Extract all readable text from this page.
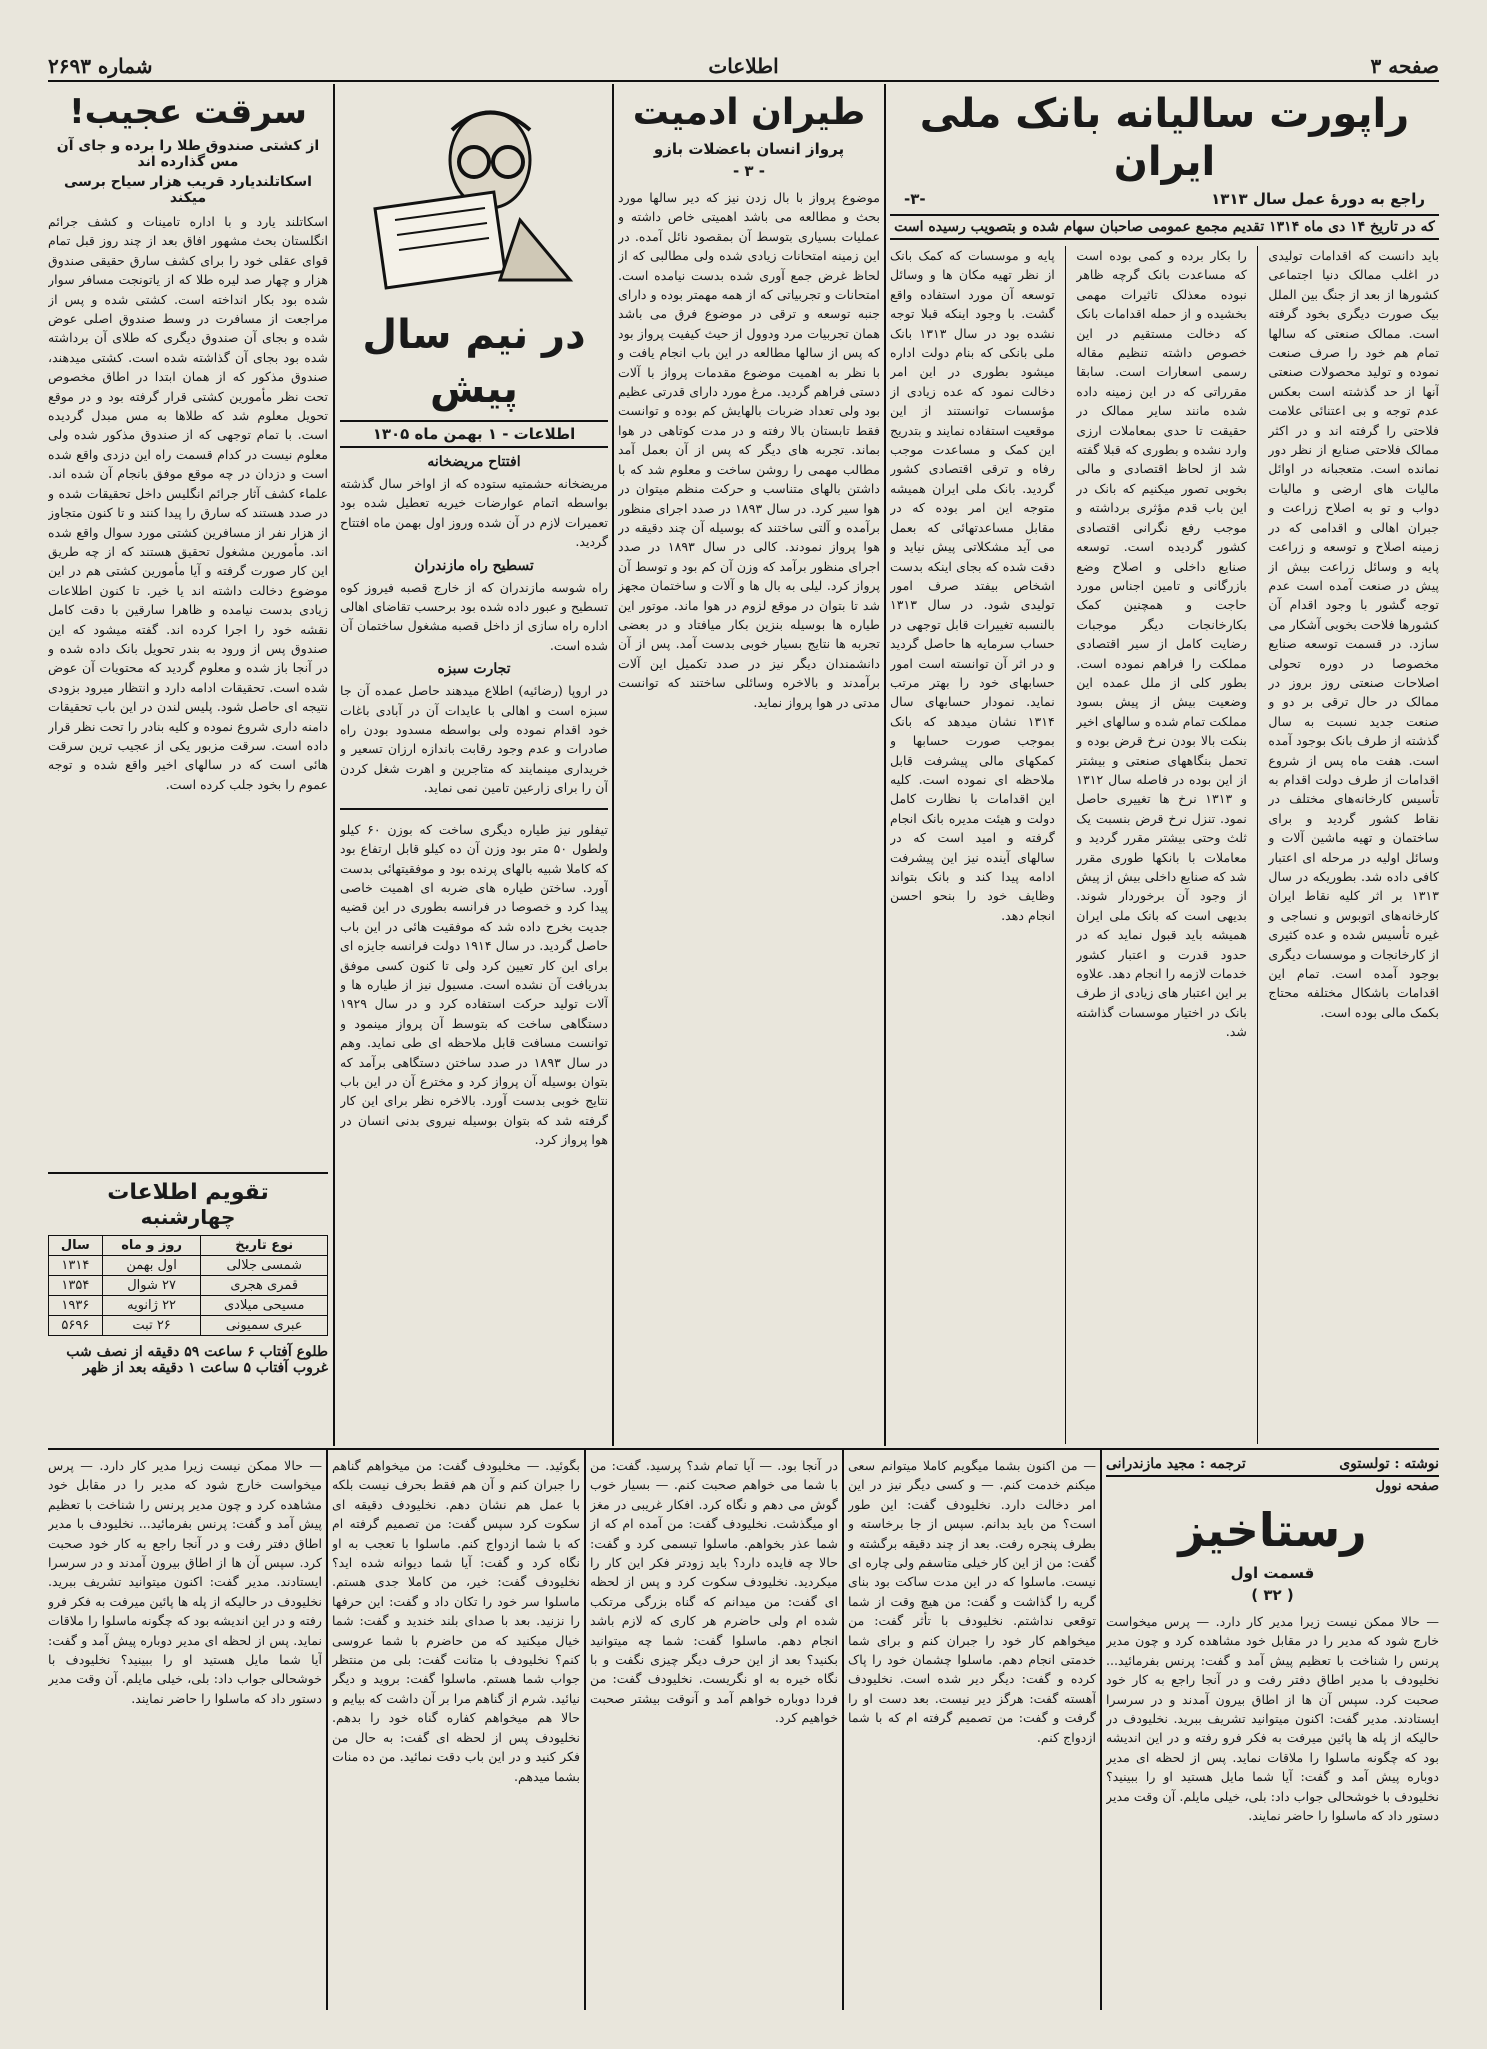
صفحه ۳
اطلاعات
شماره ۲۶۹۳
راپورت سالیانه بانک ملی ایران
راجع به دورهٔ عمل سال ۱۳۱۳
-۳-
که در تاریخ ۱۴ دی ماه ۱۳۱۴ تقدیم مجمع عمومی صاحبان سهام شده و بتصویب رسیده است

باید دانست که اقدامات تولیدی در اغلب ممالک دنیا اجتماعی کشورها از بعد از جنگ بین الملل بیک صورت دیگری بخود گرفته است. ممالک صنعتی که سالها تمام هم خود را صرف صنعت نموده و تولید محصولات صنعتی آنها از حد گذشته است بعکس عدم توجه و بی اعتنائی علامت فلاحتی را گرفته اند و در اکثر ممالک فلاحتی صنایع از نظر دور نمانده است. متعجبانه در اوائل مالیات های ارضی و مالیات دواب و تو به اصلاح زراعت و جبران اهالی و اقدامی که در زمینه اصلاح و توسعه و زراعت پایه و وسائل زراعت بیش از پیش در صنعت آمده است عدم توجه گشور با وجود اقدام آن کشورها فلاحت بخوبی آشکار می سازد. در قسمت توسعه صنایع مخصوصا در دوره تحولی اصلاحات صنعتی روز بروز در ممالک در حال ترقی بر دو و صنعت جدید نسبت به سال گذشته از طرف بانک بوجود آمده است. هفت ماه پس از شروع اقدامات از طرف دولت اقدام به تأسیس کارخانه‌های مختلف در نقاط کشور گردید و برای ساختمان و تهیه ماشین آلات و وسائل اولیه در مرحله ای اعتبار کافی داده شد. بطوریکه در سال ۱۳۱۳ بر اثر کلیه نقاط ایران کارخانه‌های اتوبوس و نساجی و غیره تأسیس شده و عده کثیری از کارخانجات و موسسات دیگری بوجود آمده است. تمام این اقدامات باشکال مختلفه محتاج بکمک مالی بوده است.

را بکار برده و کمی بوده است که مساعدت بانک گرچه ظاهر نبوده معذلک تاثیرات مهمی بخشیده و از حمله اقدامات بانک که دخالت مستقیم در این خصوص داشته تنظیم مقاله رسمی اسعارات است. سابقا مقرراتی که در این زمینه داده شده مانند سایر ممالک در حقیقت تا حدی بمعاملات ارزی وارد نشده و بطوری که قبلا گفته شد از لحاظ اقتصادی و مالی بخوبی تصور میکنیم که بانک در این باب قدم مؤثری برداشته و موجب رفع نگرانی اقتصادی کشور گردیده است. توسعه صنایع داخلی و اصلاح وضع بازرگانی و تامین اجناس مورد حاجت و همچنین کمک بکارخانجات دیگر موجبات رضایت کامل از سیر اقتصادی مملکت را فراهم نموده است. بطور کلی از ملل عمده این وضعیت بیش از پیش بسود مملکت تمام شده و سالهای اخیر بنکت بالا بودن نرخ قرض بوده و تحمل بنگاههای صنعتی و بیشتر از این بوده در فاصله سال ۱۳۱۲ و ۱۳۱۳ نرخ ها تغییری حاصل نمود. تنزل نرخ قرض بنسبت یک ثلث وحتی بیشتر مقرر گردید و معاملات با بانکها طوری مقرر شد که صنایع داخلی بیش از پیش از وجود آن برخوردار شوند. بدیهی است که بانک ملی ایران همیشه باید قبول نماید که در حدود قدرت و اعتبار کشور خدمات لازمه را انجام دهد. علاوه بر این اعتبار های زیادی از طرف بانک در اختیار موسسات گذاشته شد.

پایه و موسسات که کمک بانک از نظر تهیه مکان ها و وسائل توسعه آن مورد استفاده واقع گشت. با وجود اینکه قبلا توجه نشده بود در سال ۱۳۱۳ بانک ملی بانکی که بنام دولت اداره میشود بطوری در این امر دخالت نمود که عده زیادی از مؤسسات توانستند از این موقعیت استفاده نمایند و بتدریج این کمک و مساعدت موجب رفاه و ترقی اقتصادی کشور گردید. بانک ملی ایران همیشه متوجه این امر بوده که در مقابل مساعدتهائی که بعمل می آید مشکلاتی پیش نیاید و دقت شده که بجای اینکه بدست اشخاص بیفتد صرف امور تولیدی شود. در سال ۱۳۱۳ بالنسبه تغییرات قابل توجهی در حساب سرمایه ها حاصل گردید و در اثر آن توانسته است امور حسابهای خود را بهتر مرتب نماید. نمودار حسابهای سال ۱۳۱۴ نشان میدهد که بانک بموجب صورت حسابها و کمکهای مالی پیشرفت قابل ملاحظه ای نموده است. کلیه این اقدامات با نظارت کامل دولت و هیئت مدیره بانک انجام گرفته و امید است که در سالهای آینده نیز این پیشرفت ادامه پیدا کند و بانک بتواند وظایف خود را بنحو احسن انجام دهد.

طیران ادمیت
پرواز انسان باعضلات بازو
- ۳ -

موضوع پرواز با بال زدن نیز که دیر سالها مورد بحث و مطالعه می باشد اهمیتی خاص داشته و عملیات بسیاری بتوسط آن بمقصود نائل آمده. در این زمینه امتحانات زیادی شده ولی مطالبی که از لحاظ غرض جمع آوری شده بدست نیامده است. امتحانات و تجربیاتی که از همه مهمتر بوده و دارای جنبه توسعه و ترقی در موضوع فرق می باشد همان تجربیات مرد ودوول از حیث کیفیت پرواز بود که پس از سالها مطالعه در این باب انجام یافت و با نظر به اهمیت موضوع مقدمات پرواز با آلات دستی فراهم گردید. مرغ مورد دارای قدرتی عظیم بود ولی تعداد ضربات بالهایش کم بوده و توانست فقط تابستان بالا رفته و در مدت کوتاهی در هوا بماند. تجربه های دیگر که پس از آن بعمل آمد مطالب مهمی را روشن ساخت و معلوم شد که با داشتن بالهای متناسب و حرکت منظم میتوان در هوا سیر کرد. در سال ۱۸۹۳ در صدد اجرای منظور برآمده و آلتی ساختند که بوسیله آن چند دقیقه در هوا پرواز نمودند. کالی در سال ۱۸۹۳ در صدد اجرای منظور برآمد که وزن آن کم بود و توسط آن پرواز کرد. لیلی به بال ها و آلات و ساختمان مجهز شد تا بتوان در موقع لزوم در هوا ماند. موتور این طیاره ها بوسیله بنزین بکار میافتاد و در بعضی تجربه ها نتایج بسیار خوبی بدست آمد. پس از آن دانشمندان دیگر نیز در صدد تکمیل این آلات برآمدند و بالاخره وسائلی ساختند که توانست مدتی در هوا پرواز نماید.

در نیم سال پیش
اطلاعات - ۱ بهمن ماه ۱۳۰۵
افتتاح مریضخانه

مریضخانه حشمتیه ستوده که از اواخر سال گذشته بواسطه اتمام عوارضات خیریه تعطیل شده بود تعمیرات لازم در آن شده وروز اول بهمن ماه افتتاح گردید.

تسطیح راه مازندران

راه شوسه مازندران که از خارج قصبه فیروز کوه تسطیح و عبور داده شده بود برحسب تقاضای اهالی اداره راه سازی از داخل قصبه مشغول ساختمان آن شده است.

تجارت سبزه

در اروپا (رضائیه) اطلاع میدهند حاصل عمده آن جا سبزه است و اهالی با عایدات آن در آبادی باغات خود اقدام نموده ولی بواسطه مسدود بودن راه صادرات و عدم وجود رقابت باندازه ارزان تسعیر و خریداری مینمایند که متاجرین و اهرت شغل کردن آن را برای زارعین تامین نمی نماید.

تیفلور نیز طیاره دیگری ساخت که بوزن ۶۰ کیلو ولطول ۵۰ متر بود وزن آن ده کیلو قابل ارتفاع بود که کاملا شبیه بالهای پرنده بود و موفقیتهائی بدست آورد. ساختن طیاره های ضربه ای اهمیت خاصی پیدا کرد و خصوصا در فرانسه بطوری در این قضیه جدیت بخرج داده شد که موفقیت هائی در این باب حاصل گردید. در سال ۱۹۱۴ دولت فرانسه جایزه ای برای این کار تعیین کرد ولی تا کنون کسی موفق بدریافت آن نشده است. مسیول نیز از طیاره ها و آلات تولید حرکت استفاده کرد و در سال ۱۹۲۹ دستگاهی ساخت که بتوسط آن پرواز مینمود و توانست مسافت قابل ملاحظه ای طی نماید. وهم در سال ۱۸۹۳ در صدد ساختن دستگاهی برآمد که بتوان بوسیله آن پرواز کرد و مخترع آن در این باب نتایج خوبی بدست آورد. بالاخره نظر برای این کار گرفته شد که بتوان بوسیله نیروی بدنی انسان در هوا پرواز کرد.

سرقت عجیب!
از کشتی صندوق طلا را برده و جای آن مس گذارده اند
اسکاتلندیارد قریب هزار سیاح برسی میکند

اسکاتلند یارد و با اداره تامینات و کشف جرائم انگلستان بحث مشهور افاق بعد از چند روز قبل تمام قوای عقلی خود را برای کشف سارق حقیقی صندوق هزار و چهار صد لیره طلا که از یاتونجت مسافر سوار شده بود بکار انداخته است. کشتی شده و پس از مراجعت از مسافرت در وسط صندوق اصلی عوض شده و بجای آن صندوق دیگری که طلای آن برداشته شده بود بجای آن گذاشته شده است. کشتی میدهند، صندوق مذکور که از همان ابتدا در اطاق مخصوص تحت نظر مأمورین کشتی قرار گرفته بود و در موقع تحویل معلوم شد که طلاها به مس مبدل گردیده است. با تمام توجهی که از صندوق مذکور شده ولی معلوم نیست در کدام قسمت راه این دزدی واقع شده است و دزدان در چه موقع موفق بانجام آن شده اند. علماء کشف آثار جرائم انگلیس داخل تحقیقات شده و در صدد هستند که سارق را پیدا کنند و تا کنون متجاوز از هزار نفر از مسافرین کشتی مورد سوال واقع شده اند. مأمورین مشغول تحقیق هستند که از چه طریق این کار صورت گرفته و آیا مأمورین کشتی هم در این موضوع دخالت داشته اند یا خیر. تا کنون اطلاعات زیادی بدست نیامده و ظاهرا سارقین با دقت کامل نقشه خود را اجرا کرده اند. گفته میشود که این صندوق پس از ورود به بندر تحویل بانک داده شده و در آنجا باز شده و معلوم گردید که محتویات آن عوض شده است. تحقیقات ادامه دارد و انتظار میرود بزودی نتیجه ای حاصل شود. پلیس لندن در این باب تحقیقات دامنه داری شروع نموده و کلیه بنادر را تحت نظر قرار داده است. سرقت مزبور یکی از عجیب ترین سرقت هائی است که در سالهای اخیر واقع شده و توجه عموم را بخود جلب کرده است.

تقویم اطلاعات
چهارشنبه
نوع تاریخ	روز و ماه	سال
شمسی جلالی	اول بهمن	۱۳۱۴
قمری هجری	۲۷ شوال	۱۳۵۴
مسیحی میلادی	۲۲ ژانویه	۱۹۳۶
عبری سمیونی	۲۶ تبت	۵۶۹۶
طلوع آفتاب ۶ ساعت ۵۹ دقیقه از نصف شب
غروب آفتاب ۵ ساعت ۱ دقیقه بعد از ظهر
نوشته : تولستوی
ترجمه : مجید مازندرانی
صفحه نوول
رستاخیز
قسمت اول
( ۳۲ )

— حالا ممکن نیست زیرا مدیر کار دارد. — پرس میخواست خارج شود که مدیر را در مقابل خود مشاهده کرد و چون مدیر پرنس را شناخت با تعظیم پیش آمد و گفت: پرنس بفرمائید... نخلیودف با مدیر اطاق دفتر رفت و در آنجا راجع به کار خود صحبت کرد. سپس آن ها از اطاق بیرون آمدند و در سرسرا ایستادند. مدیر گفت: اکنون میتوانید تشریف ببرید. نخلیودف در حالیکه از پله ها پائین میرفت به فکر فرو رفته و در این اندیشه بود که چگونه ماسلوا را ملاقات نماید. پس از لحظه ای مدیر دوباره پیش آمد و گفت: آیا شما مایل هستید او را ببینید؟ نخلیودف با خوشحالی جواب داد: بلی، خیلی مایلم. آن وقت مدیر دستور داد که ماسلوا را حاضر نمایند.

— من اکنون بشما میگویم کاملا میتوانم سعی میکنم خدمت کنم. — و کسی دیگر نیز در این امر دخالت دارد. نخلیودف گفت: این طور است؟ من باید بدانم. سپس از جا برخاسته و بطرف پنجره رفت. بعد از چند دقیقه برگشته و گفت: من از این کار خیلی متاسفم ولی چاره ای نیست. ماسلوا که در این مدت ساکت بود بنای گریه را گذاشت و گفت: من هیچ وقت از شما توقعی نداشتم. نخلیودف با تأثر گفت: من میخواهم کار خود را جبران کنم و برای شما خدمتی انجام دهم. ماسلوا چشمان خود را پاک کرده و گفت: دیگر دیر شده است. نخلیودف آهسته گفت: هرگز دیر نیست. بعد دست او را گرفت و گفت: من تصمیم گرفته ام که با شما ازدواج کنم.

در آنجا بود. — آیا تمام شد؟ پرسید. گفت: من با شما می خواهم صحبت کنم. — بسیار خوب گوش می دهم و نگاه کرد. افکار غریبی در مغز او میگذشت. نخلیودف گفت: من آمده ام که از شما عذر بخواهم. ماسلوا تبسمی کرد و گفت: حالا چه فایده دارد؟ باید زودتر فکر این کار را میکردید. نخلیودف سکوت کرد و پس از لحظه ای گفت: من میدانم که گناه بزرگی مرتکب شده ام ولی حاضرم هر کاری که لازم باشد انجام دهم. ماسلوا گفت: شما چه میتوانید بکنید؟ بعد از این حرف دیگر چیزی نگفت و با نگاه خیره به او نگریست. نخلیودف گفت: من فردا دوباره خواهم آمد و آنوقت بیشتر صحبت خواهیم کرد.

بگوئید. — مخلیودف گفت: من میخواهم گناهم را جبران کنم و آن هم فقط بحرف نیست بلکه با عمل هم نشان دهم. نخلیودف دقیقه ای سکوت کرد سپس گفت: من تصمیم گرفته ام که با شما ازدواج کنم. ماسلوا با تعجب به او نگاه کرد و گفت: آیا شما دیوانه شده اید؟ نخلیودف گفت: خیر، من کاملا جدی هستم. ماسلوا سر خود را تکان داد و گفت: این حرفها را نزنید. بعد با صدای بلند خندید و گفت: شما خیال میکنید که من حاضرم با شما عروسی کنم؟ نخلیودف با متانت گفت: بلی من منتظر جواب شما هستم. ماسلوا گفت: بروید و دیگر نیائید. شرم از گناهم مرا بر آن داشت که بیایم و حالا هم میخواهم کفاره گناه خود را بدهم. نخلیودف پس از لحظه ای گفت: به حال من فکر کنید و در این باب دقت نمائید. من ده منات بشما میدهم.

— حالا ممکن نیست زیرا مدیر کار دارد. — پرس میخواست خارج شود که مدیر را در مقابل خود مشاهده کرد و چون مدیر پرنس را شناخت با تعظیم پیش آمد و گفت: پرنس بفرمائید... نخلیودف با مدیر اطاق دفتر رفت و در آنجا راجع به کار خود صحبت کرد. سپس آن ها از اطاق بیرون آمدند و در سرسرا ایستادند. مدیر گفت: اکنون میتوانید تشریف ببرید. نخلیودف در حالیکه از پله ها پائین میرفت به فکر فرو رفته و در این اندیشه بود که چگونه ماسلوا را ملاقات نماید. پس از لحظه ای مدیر دوباره پیش آمد و گفت: آیا شما مایل هستید او را ببینید؟ نخلیودف با خوشحالی جواب داد: بلی، خیلی مایلم. آن وقت مدیر دستور داد که ماسلوا را حاضر نمایند.
